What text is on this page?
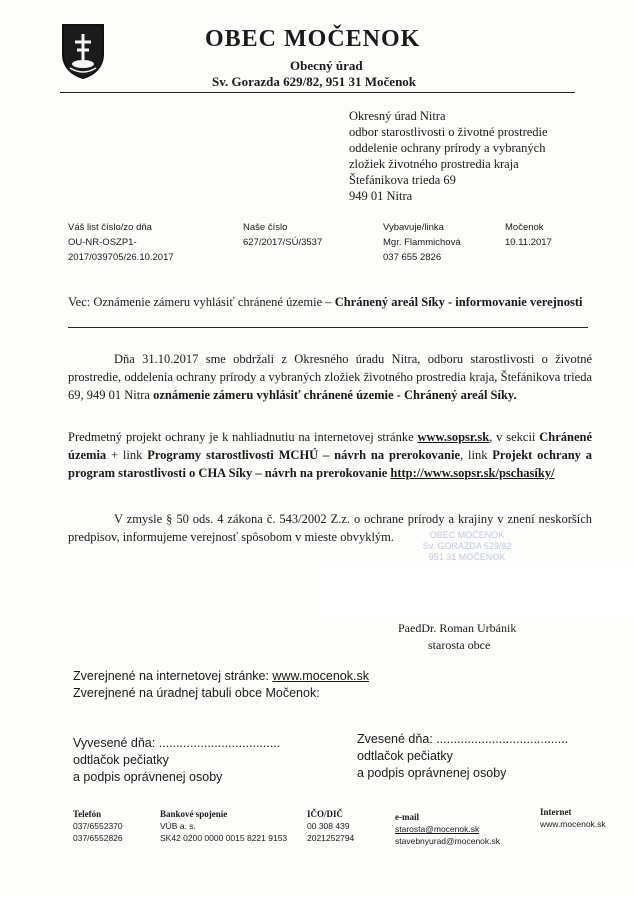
OBEC MOČENOK
Obecný úrad
Sv. Gorazda 629/82, 951 31 Močenok
Okresný úrad Nitra
odbor starostlivosti o životné prostredie
oddelenie ochrany prírody a vybraných
zložiek životného prostredia kraja
Štefánikova trieda 69
949 01 Nitra
Váš list číslo/zo dňa
OU-NR-OSZP1-
2017/039705/26.10.2017
Naše číslo
627/2017/SÚ/3537
Vybavuje/linka
Mgr. Flammichová
037 655 2826
Močenok
10.11.2017
Vec: Oznámenie zámeru vyhlásiť chránené územie – Chránený areál Síky - informovanie verejnosti
Dňa 31.10.2017 sme obdržali z Okresného úradu Nitra, odboru starostlivosti o životné prostredie, oddelenia ochrany prírody a vybraných zložiek životného prostredia kraja, Štefánikova trieda 69, 949 01 Nitra oznámenie zámeru vyhlásiť chránené územie - Chránený areál Síky.
Predmetný projekt ochrany je k nahliadnutiu na internetovej stránke www.sopsr.sk, v sekcii Chránené územia + link Programy starostlivosti MCHÚ – návrh na prerokovanie, link Projekt ochrany a program starostlivosti o CHA Síky – návrh na prerokovanie http://www.sopsr.sk/pschasíky/
V zmysle § 50 ods. 4 zákona č. 543/2002 Z.z. o ochrane prírody a krajiny v znení neskorších predpisov, informujeme verejnosť spôsobom v mieste obvyklým.	OBEC MOČENOK
Sv. GORAZDA 629/82
951 31 MOČENOK
PaedDr. Roman Urbánik
starosta obce
Zverejnené na internetovej stránke: www.mocenok.sk
Zverejnené na úradnej tabuli obce Močenok:
Vyvesené dňa: ...................................
odtlačok pečiatky
a podpis oprávnenej osoby
Zvesené dňa: ......................................
odtlačok pečiatky
a podpis oprávnenej osoby
Telefón
037/6552370
037/6552826
Bankové spojenie
VÚB a. s.
SK42 0200 0000 0015 8221 9153
IČO/DIČ
00 308 439
2021252794
e-mail
starosta@mocenok.sk
stavebnyurad@mocenok.sk
Internet
www.mocenok.sk
